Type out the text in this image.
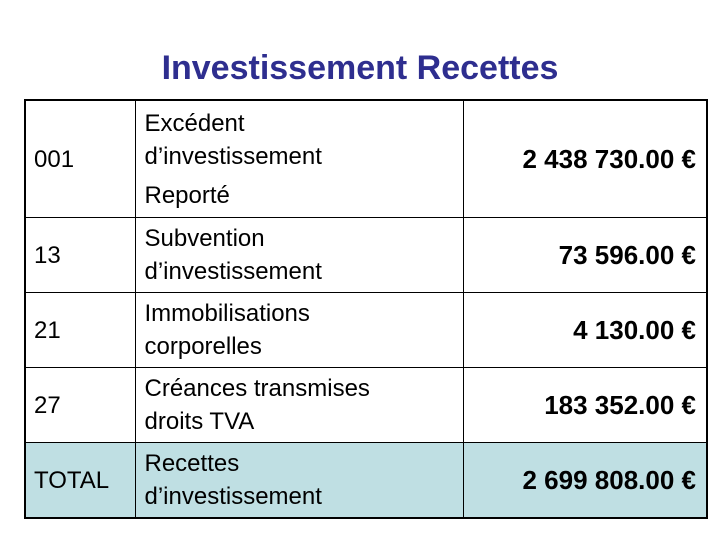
Investissement Recettes
001	Excédent
d’investissement
Reporté	2 438 730.00 €
13	Subvention
d’investissement	73 596.00 €
21	Immobilisations
corporelles	4 130.00 €
27	Créances transmises
droits TVA	183 352.00 €
TOTAL	Recettes
d’investissement	2 699 808.00 €
